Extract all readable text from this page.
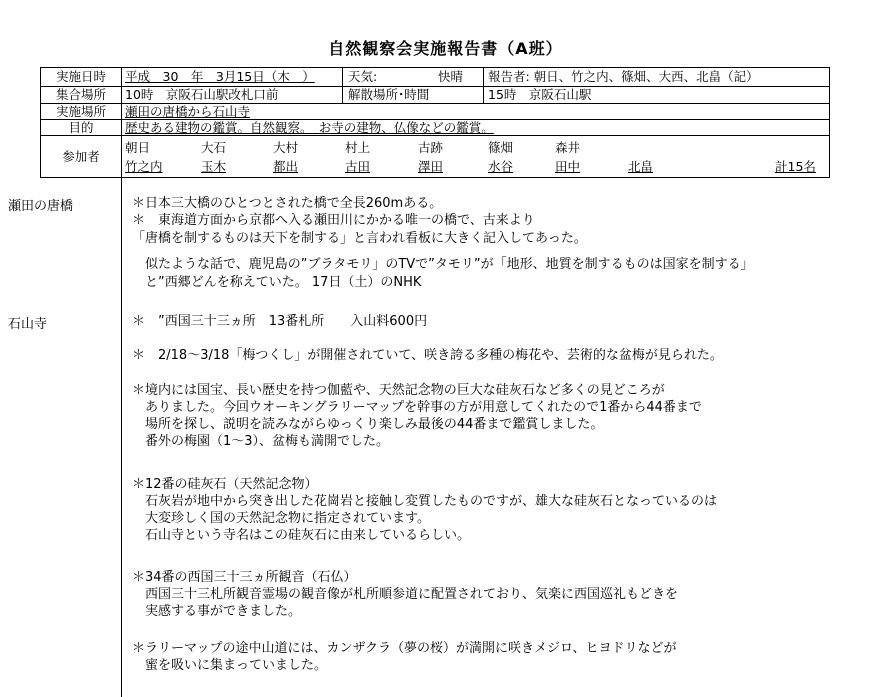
自然観察会実施報告書（A班）
実施日時	平成　30　年　3月15日（木　）	天気:	快晴 報告者: 朝日、竹之内、篠畑、大西、北畠（記）
集合場所	10時　京阪石山駅改札口前	解散場所･時間	15時　京阪石山駅
実施場所	瀬田の唐橋から石山寺
目的	歴史ある建物の鑑賞。自然観察。　お寺の建物、仏像などの鑑賞。
参加者
朝日	大石	大村	村上	古跡	篠畑	森井
竹之内	玉木	都出	古田	澤田	水谷	田中	北畠	計15名
瀬田の唐橋	＊日本三大橋のひとつとされた橋で全長260mある。
＊　東海道方面から京都へ入る瀬田川にかかる唯一の橋で、古来より
「唐橋を制するものは天下を制する」と言われ看板に大きく記入してあった。
　似たような話で、鹿児島の”ブラタモリ」のTVで”タモリ”が「地形、地質を制するものは国家を制する」
　と”西郷どんを称えていた。 17日（土）のNHK
石山寺	＊　”西国三十三ヵ所　13番札所　　入山料600円
＊　2/18～3/18「梅つくし」が開催されていて、咲き誇る多種の梅花や、芸術的な盆梅が見られた。
＊境内には国宝、長い歴史を持つ伽藍や、天然記念物の巨大な硅灰石など多くの見どころが
　ありました。今回ウオーキングラリーマップを幹事の方が用意してくれたので1番から44番まで
　場所を探し、説明を読みながらゆっくり楽しみ最後の44番まで鑑賞しました。
　番外の梅園（1～3）、盆梅も満開でした。
＊12番の硅灰石（天然記念物）
　石灰岩が地中から突き出した花崗岩と接触し変質したものですが、雄大な硅灰石となっているのは
　大変珍しく国の天然記念物に指定されています。
　石山寺という寺名はこの硅灰石に由来しているらしい。
＊34番の西国三十三ヵ所観音（石仏）
　西国三十三札所観音霊場の観音像が札所順参道に配置されており、気楽に西国巡礼もどきを
　実感する事ができました。
＊ラリーマップの途中山道には、カンザクラ（夢の桜）が満開に咲きメジロ、ヒヨドリなどが
　蜜を吸いに集まっていました。
